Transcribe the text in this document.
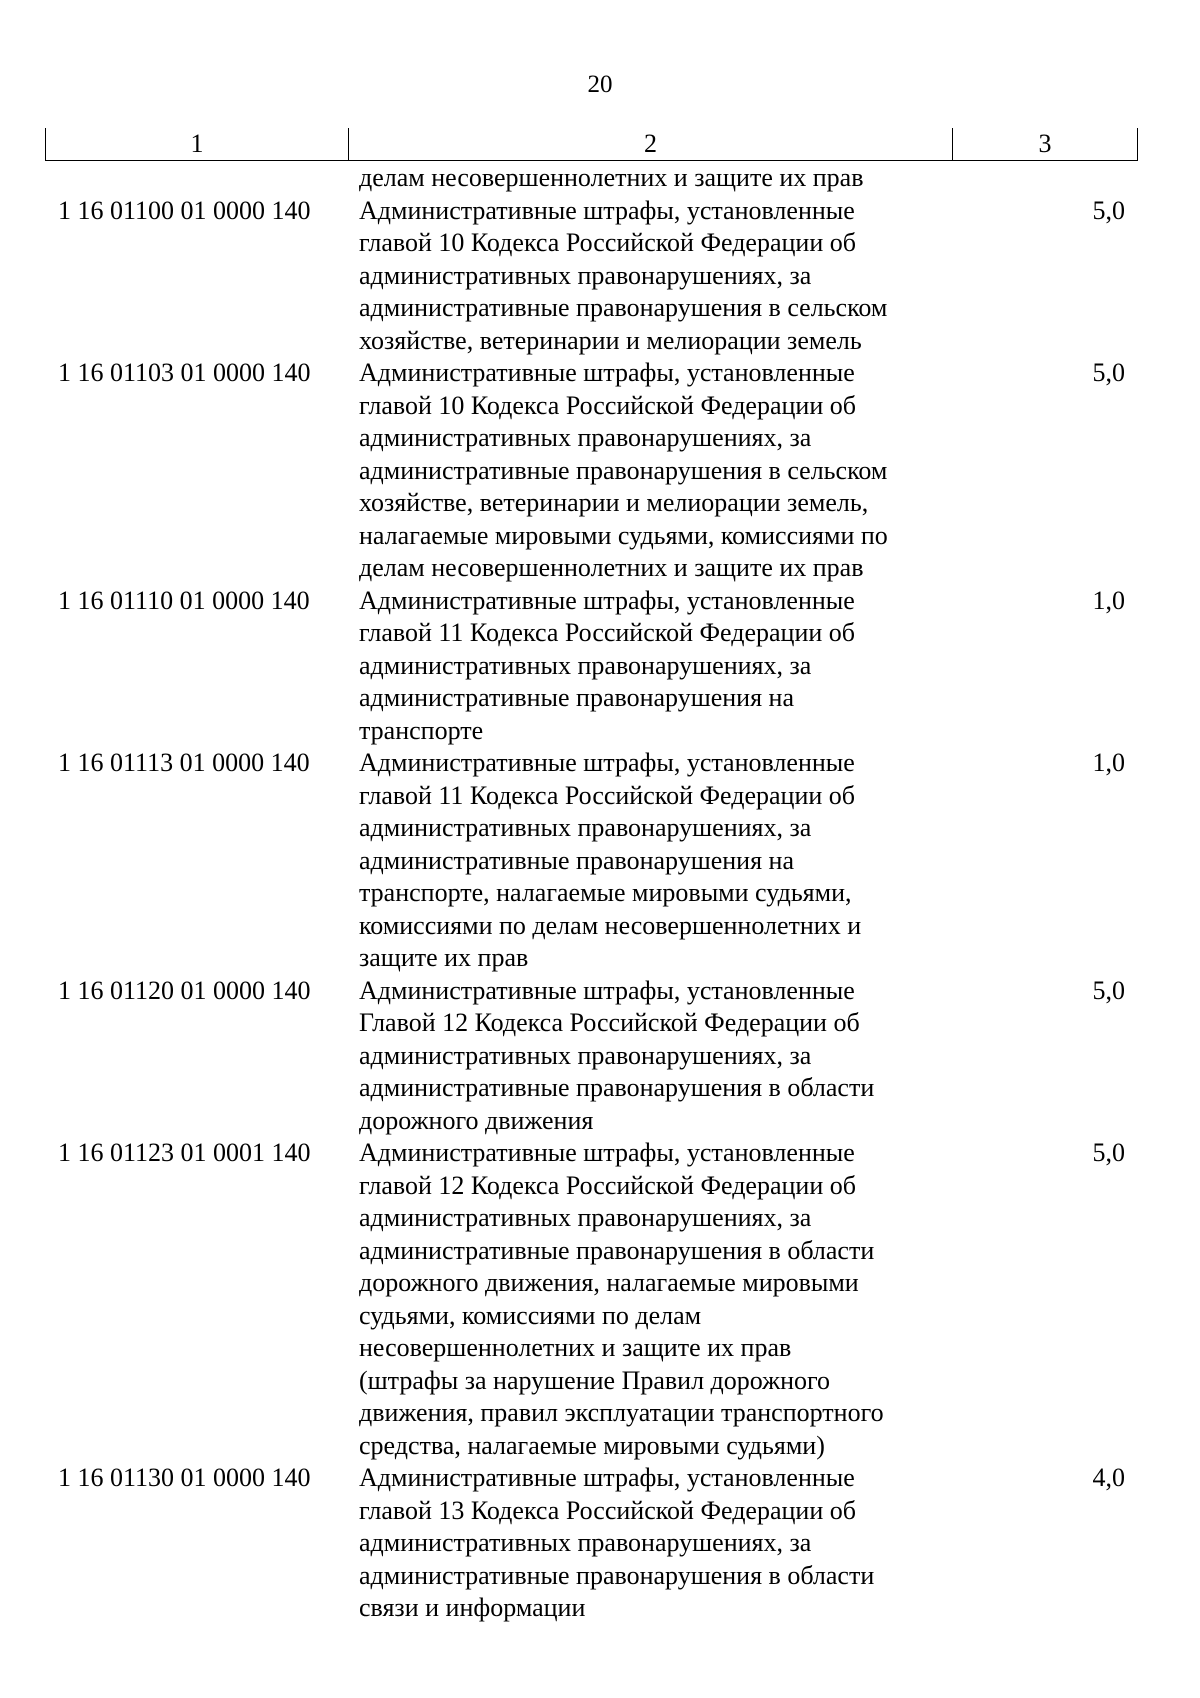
20
1	2	3
делам несовершеннолетних и защите их прав
1 16 01100 01 0000 140	Административные штрафы, установленные
главой 10 Кодекса Российской Федерации об
административных правонарушениях, за
административные правонарушения в сельском
хозяйстве, ветеринарии и мелиорации земель
5,0
1 16 01103 01 0000 140	Административные штрафы, установленные
главой 10 Кодекса Российской Федерации об
административных правонарушениях, за
административные правонарушения в сельском
хозяйстве, ветеринарии и мелиорации земель,
налагаемые мировыми судьями, комиссиями по
делам несовершеннолетних и защите их прав
5,0
1 16 01110 01 0000 140	Административные штрафы, установленные
главой 11 Кодекса Российской Федерации об
административных правонарушениях, за
административные правонарушения на
транспорте
1,0
1 16 01113 01 0000 140	Административные штрафы, установленные
главой 11 Кодекса Российской Федерации об
административных правонарушениях, за
административные правонарушения на
транспорте, налагаемые мировыми судьями,
комиссиями по делам несовершеннолетних и
защите их прав
1,0
1 16 01120 01 0000 140	Административные штрафы, установленные
Главой 12 Кодекса Российской Федерации об
административных правонарушениях, за
административные правонарушения в области
дорожного движения
5,0
1 16 01123 01 0001 140	Административные штрафы, установленные
главой 12 Кодекса Российской Федерации об
административных правонарушениях, за
административные правонарушения в области
дорожного движения, налагаемые мировыми
судьями, комиссиями по делам
несовершеннолетних и защите их прав
(штрафы за нарушение Правил дорожного
движения, правил эксплуатации транспортного
средства, налагаемые мировыми судьями)
5,0
1 16 01130 01 0000 140	Административные штрафы, установленные
главой 13 Кодекса Российской Федерации об
административных правонарушениях, за
административные правонарушения в области
связи и информации
4,0
